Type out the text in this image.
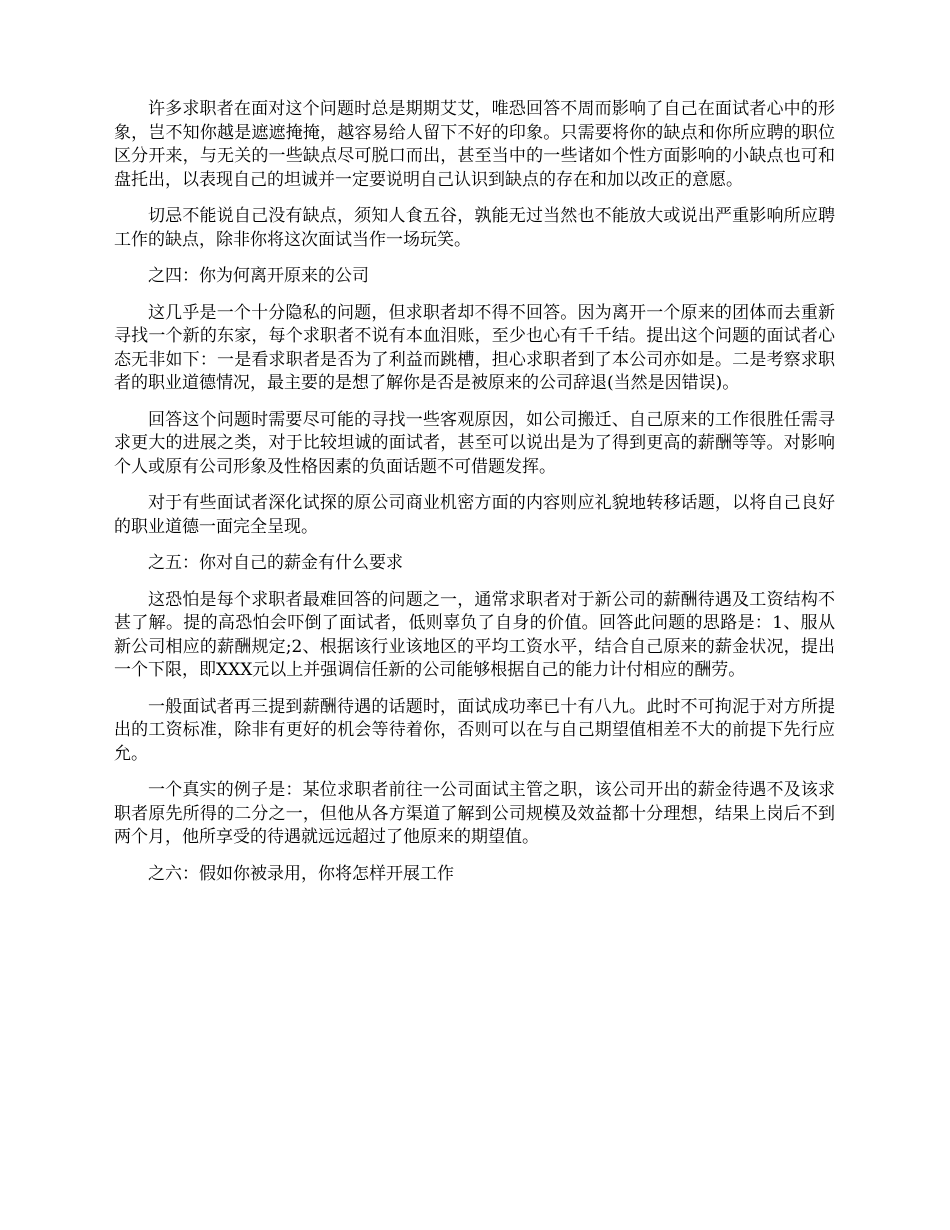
许多求职者在面对这个问题时总是期期艾艾，唯恐回答不周而影响了自己在面试者心中的形象，岂不知你越是遮遮掩掩，越容易给人留下不好的印象。只需要将你的缺点和你所应聘的职位区分开来，与无关的一些缺点尽可脱口而出，甚至当中的一些诸如个性方面影响的小缺点也可和盘托出，以表现自己的坦诚并一定要说明自己认识到缺点的存在和加以改正的意愿。

切忌不能说自己没有缺点，须知人食五谷，孰能无过当然也不能放大或说出严重影响所应聘工作的缺点，除非你将这次面试当作一场玩笑。

之四：你为何离开原来的公司

这几乎是一个十分隐私的问题，但求职者却不得不回答。因为离开一个原来的团体而去重新寻找一个新的东家，每个求职者不说有本血泪账，至少也心有千千结。提出这个问题的面试者心态无非如下：一是看求职者是否为了利益而跳槽，担心求职者到了本公司亦如是。二是考察求职者的职业道德情况，最主要的是想了解你是否是被原来的公司辞退(当然是因错误)。

回答这个问题时需要尽可能的寻找一些客观原因，如公司搬迁、自己原来的工作很胜任需寻求更大的进展之类，对于比较坦诚的面试者，甚至可以说出是为了得到更高的薪酬等等。对影响个人或原有公司形象及性格因素的负面话题不可借题发挥。

对于有些面试者深化试探的原公司商业机密方面的内容则应礼貌地转移话题，以将自己良好的职业道德一面完全呈现。

之五：你对自己的薪金有什么要求

这恐怕是每个求职者最难回答的问题之一，通常求职者对于新公司的薪酬待遇及工资结构不甚了解。提的高恐怕会吓倒了面试者，低则辜负了自身的价值。回答此问题的思路是：1、服从新公司相应的薪酬规定;2、根据该行业该地区的平均工资水平，结合自己原来的薪金状况，提出一个下限，即XXX元以上并强调信任新的公司能够根据自己的能力计付相应的酬劳。

一般面试者再三提到薪酬待遇的话题时，面试成功率已十有八九。此时不可拘泥于对方所提出的工资标准，除非有更好的机会等待着你，否则可以在与自己期望值相差不大的前提下先行应允。

一个真实的例子是：某位求职者前往一公司面试主管之职，该公司开出的薪金待遇不及该求职者原先所得的二分之一，但他从各方渠道了解到公司规模及效益都十分理想，结果上岗后不到两个月，他所享受的待遇就远远超过了他原来的期望值。

之六：假如你被录用，你将怎样开展工作
